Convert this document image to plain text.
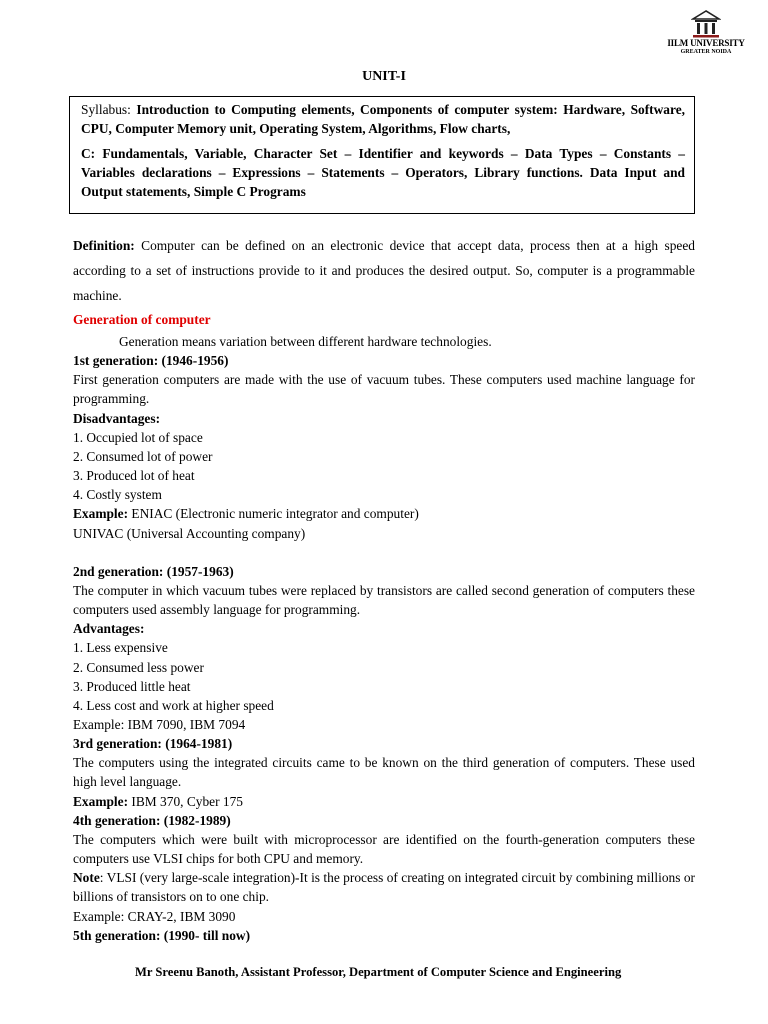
IILM UNIVERSITY
GREATER NOIDA
UNIT-I

Syllabus: Introduction to Computing elements, Components of computer system: Hardware, Software, CPU, Computer Memory unit, Operating System, Algorithms, Flow charts,

C: Fundamentals, Variable, Character Set – Identifier and keywords – Data Types – Constants – Variables declarations – Expressions – Statements – Operators, Library functions. Data Input and Output statements, Simple C Programs

Definition: Computer can be defined on an electronic device that accept data, process then at a high speed according to a set of instructions provide to it and produces the desired output. So, computer is a programmable machine.

Generation of computer

Generation means variation between different hardware technologies.

1st generation: (1946-1956)

First generation computers are made with the use of vacuum tubes. These computers used machine language for programming.

Disadvantages:

1. Occupied lot of space

2. Consumed lot of power

3. Produced lot of heat

4. Costly system

Example: ENIAC (Electronic numeric integrator and computer)

UNIVAC (Universal Accounting company)

2nd generation: (1957-1963)

The computer in which vacuum tubes were replaced by transistors are called second generation of computers these computers used assembly language for programming.

Advantages:

1. Less expensive

2. Consumed less power

3. Produced little heat

4. Less cost and work at higher speed

Example: IBM 7090, IBM 7094

3rd generation: (1964-1981)

The computers using the integrated circuits came to be known on the third generation of computers. These used high level language.

Example: IBM 370, Cyber 175

4th generation: (1982-1989)

The computers which were built with microprocessor are identified on the fourth-generation computers these computers use VLSI chips for both CPU and memory.

Note: VLSI (very large-scale integration)-It is the process of creating on integrated circuit by combining millions or billions of transistors on to one chip.

Example: CRAY-2, IBM 3090

5th generation: (1990- till now)

Mr Sreenu Banoth, Assistant Professor, Department of Computer Science and Engineering
